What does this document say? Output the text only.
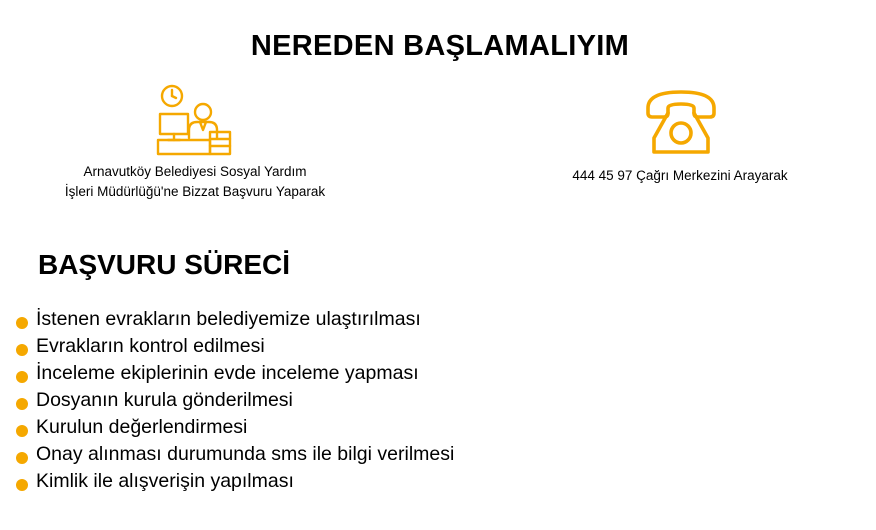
NEREDEN BAŞLAMALIYIM
Arnavutköy Belediyesi Sosyal Yardım
İşleri Müdürlüğü'ne Bizzat Başvuru Yaparak
444 45 97 Çağrı Merkezini Arayarak
BAŞVURU SÜRECİ
İstenen evrakların belediyemize ulaştırılması
Evrakların kontrol edilmesi
İnceleme ekiplerinin evde inceleme yapması
Dosyanın kurula gönderilmesi
Kurulun değerlendirmesi
Onay alınması durumunda sms ile bilgi verilmesi
Kimlik ile alışverişin yapılması
